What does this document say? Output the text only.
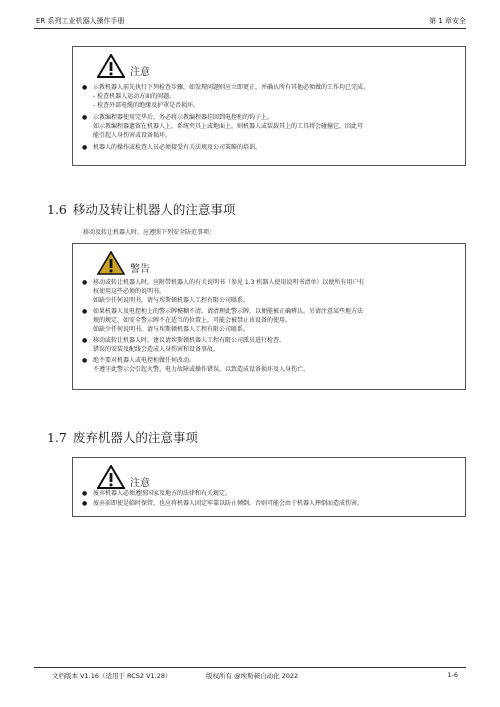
ER 系列工业机器人操作手册	第 1 章安全
注意
● 示教机器人前先执行下列检查步骤，如发现问题则应立即更正，并确认所有其他必须做的工作均已完成。
- 检查机器人运动方面的问题。
- 检查外部电缆的绝缘及护罩是否损坏。
● 示教编程器使用完毕后，务必将示教编程器挂回到电控柜的钩子上。
如示教编程器遗留在机器人上、系统夹具上或地面上，则机器人或装载其上的工具将会碰撞它，因此可
能引起人身伤害或设备损坏。
● 机器人的操作或检查人员必须接受有关法规及公司策略的培训。
1.6 移动及转让机器人的注意事项
移动及转让机器人时，应遵照下列安全防范事项：
警告
● 移动或转让机器人时，应附带机器人的有关说明书（参见 1.3 机器人使用说明书清单）以便所有用户有
权使用这些必须的说明书。
如缺少任何说明书，请与埃斯顿机器人工程有限公司联系。
● 如果机器人及电控柜上的警示牌模糊不清，请清理此警示牌，以便能被正确辨认。另请注意某些地方法
规的规定，如安全警示牌不在适当的位置上，可能会被禁止该设备的使用。
如缺少任何说明书，请与埃斯顿机器人工程有限公司联系。
● 移动或转让机器人时，建议请埃斯顿机器人工程有限公司派员进行检查。
错误的安装及配线会造成人身伤害和设备事故。
● 绝不要对机器人或电控柜做任何改动。
不遵守此警示会引起火警、电力故障或操作错误，以致造成设备损坏及人身伤亡。
1.7 废弃机器人的注意事项
注意
● 废弃机器人必须遵照国家及地方的法律和有关规定。
● 废弃前即使是临时保管，也应将机器人固定牢靠以防止倾倒。否则可能会由于机器人摔倒而造成伤害。
文档版本 V1.16（适用于 RCS2 V1.28）	版权所有 @埃斯顿自动化 2022	1-6
